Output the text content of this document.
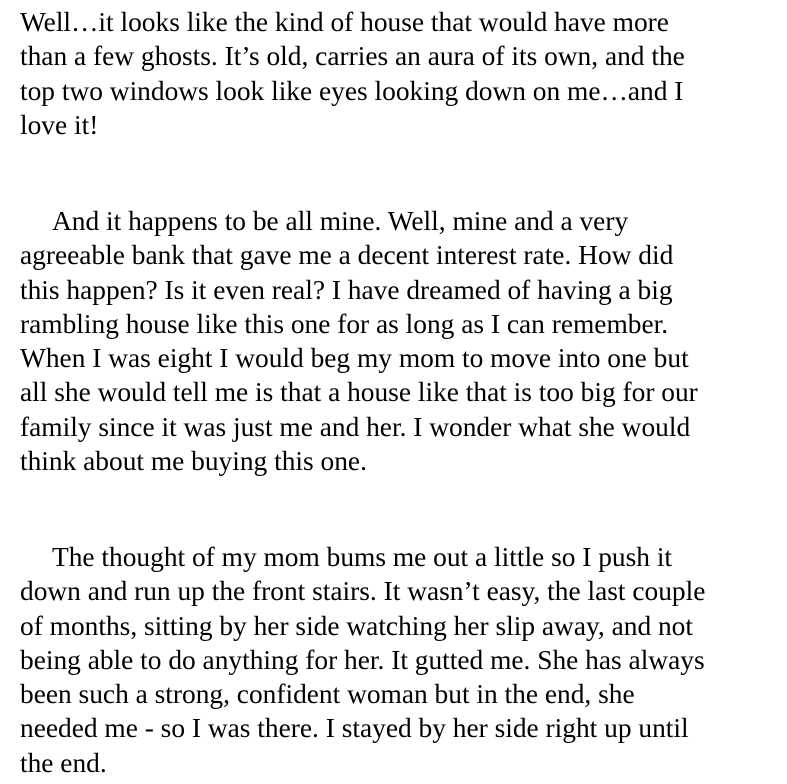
Well…it looks like the kind of house that would have more
than a few ghosts. It’s old, carries an aura of its own, and the
top two windows look like eyes looking down on me…and I
love it!

And it happens to be all mine. Well, mine and a very
agreeable bank that gave me a decent interest rate. How did
this happen? Is it even real? I have dreamed of having a big
rambling house like this one for as long as I can remember.
When I was eight I would beg my mom to move into one but
all she would tell me is that a house like that is too big for our
family since it was just me and her. I wonder what she would
think about me buying this one.

The thought of my mom bums me out a little so I push it
down and run up the front stairs. It wasn’t easy, the last couple
of months, sitting by her side watching her slip away, and not
being able to do anything for her. It gutted me. She has always
been such a strong, confident woman but in the end, she
needed me - so I was there. I stayed by her side right up until
the end.
